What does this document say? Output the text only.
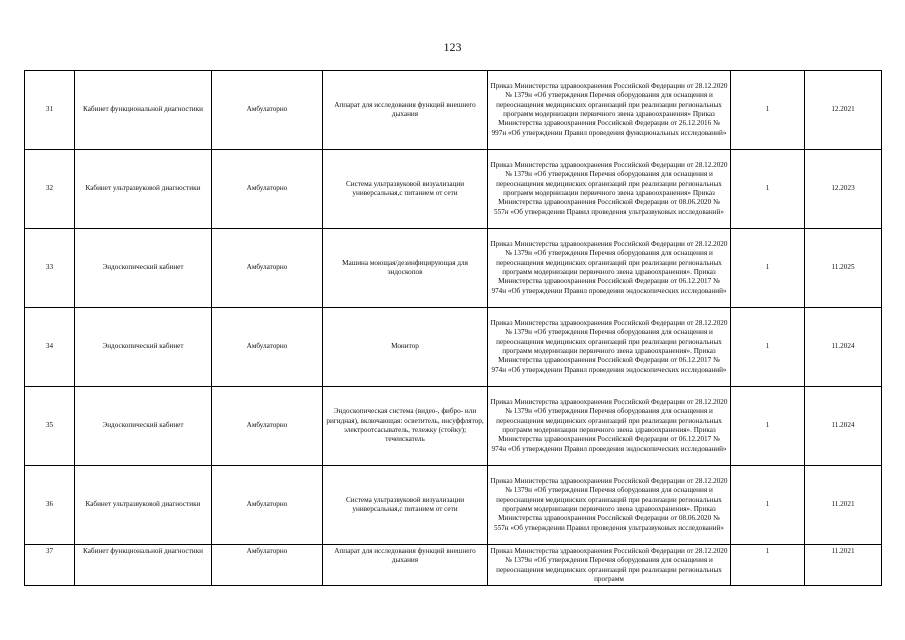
123
31	Кабинет функциональной диагностики	Амбулаторно	Аппарат для исследования функций внешнего дыхания	Приказ Министерства здравоохранения Российской Федерации от 28.12.2020 № 1379н «Об утверждения Перечня оборудования для оснащения и переоснащения медицинских организаций при реализации региональных программ модернизации первичного звена здравоохранения» Приказ Министерства здравоохранения Российской Федерации от 26.12.2016 № 997н «Об утверждении Правил проведения функциональных исследований»	1	12.2021
32	Кабинет ультразвуковой диагностики	Амбулаторно	Система ультразвуковой визуализации универсальная,с питанием от сети	Приказ Министерства здравоохранения Российской Федерации от 28.12.2020 № 1379н «Об утверждения Перечня оборудования для оснащения и переоснащения медицинских организаций при реализации региональных программ модернизации первичного звена здравоохранения» Приказ Министерства здравоохранения Российской Федерации от 08.06.2020 № 557н «Об утверждении Правил проведения ультразвуковых исследований»	1	12.2023
33	Эндоскопический кабинет	Амбулаторно	Машина моющая/дезинфицирующая для эндоскопов	Приказ Министерства здравоохранения Российской Федерации от 28.12.2020 № 1379н «Об утверждения Перечня оборудования для оснащения и переоснащения медицинских организаций при реализации региональных программ модернизации первичного звена здравоохранения». Приказ Министерства здравоохранения Российской Федерации от 06.12.2017 № 974н «Об утверждении Правил проведения эндоскопических исследований»	1	11.2025
34	Эндоскопический кабинет	Амбулаторно	Монитор	Приказ Министерства здравоохранения Российской Федерации от 28.12.2020 № 1379н «Об утверждения Перечня оборудования для оснащения и переоснащения медицинских организаций при реализации региональных программ модернизации первичного звена здравоохранения». Приказ Министерства здравоохранения Российской Федерации от 06.12.2017 № 974н «Об утверждении Правил проведения эндоскопических исследований»	1	11.2024
35	Эндоскопический кабинет	Амбулаторно	Эндоскопическая система (видео-, фибро- или ригидная), включающая: осветитель, инсуффлятор, электроотсасыватель, тележку (стойку); течеискатель	Приказ Министерства здравоохранения Российской Федерации от 28.12.2020 № 1379н «Об утверждения Перечня оборудования для оснащения и переоснащения медицинских организаций при реализации региональных программ модернизации первичного звена здравоохранения». Приказ Министерства здравоохранения Российской Федерации от 06.12.2017 № 974н «Об утверждении Правил проведения эндоскопических исследований»	1	11.2024
36	Кабинет ультразвуковой диагностики	Амбулаторно	Система ультразвуковой визуализации универсальная,с питанием от сети	Приказ Министерства здравоохранения Российской Федерации от 28.12.2020 № 1379н «Об утверждения Перечня оборудования для оснащения и переоснащения медицинских организаций при реализации региональных программ модернизации первичного звена здравоохранения». Приказ Министерства здравоохранения Российской Федерации от 08.06.2020 № 557н «Об утверждении Правил проведения ультразвуковых исследований»	1	11.2021
37	Кабинет функциональной диагностики	Амбулаторно	Аппарат для исследования функций внешнего дыхания	Приказ Министерства здравоохранения Российской Федерации от 28.12.2020 № 1379н «Об утверждения Перечня оборудования для оснащения и переоснащения медицинских организаций при реализации региональных программ	1	11.2021
